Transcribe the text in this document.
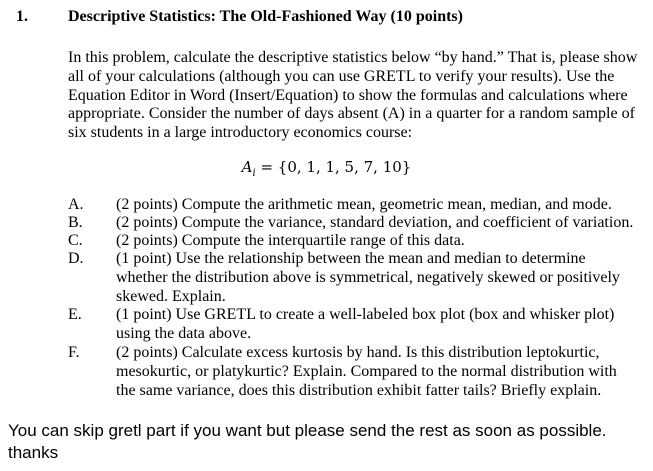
1.	Descriptive Statistics: The Old-Fashioned Way (10 points)
In this problem, calculate the descriptive statistics below “by hand.” That is, please show
all of your calculations (although you can use GRETL to verify your results). Use the
Equation Editor in Word (Insert/Equation) to show the formulas and calculations where
appropriate. Consider the number of days absent (A) in a quarter for a random sample of
six students in a large introductory economics course:
$A_i = \{0$, 1, 1, 5, 7, 10}
A. (2 points) Compute the arithmetic mean, geometric mean, median, and mode.
B. (2 points) Compute the variance, standard deviation, and coefficient of variation.
C. (2 points) Compute the interquartile range of this data.
D. (1 point) Use the relationship between the mean and median to determine
whether the distribution above is symmetrical, negatively skewed or positively
skewed. Explain.
E. (1 point) Use GRETL to create a well-labeled box plot (box and whisker plot)
using the data above.
F. (2 points) Calculate excess kurtosis by hand. Is this distribution leptokurtic,
mesokurtic, or platykurtic? Explain. Compared to the normal distribution with
the same variance, does this distribution exhibit fatter tails? Briefly explain.
You can skip gretl part if you want but please send the rest as soon as possible.
thanks
